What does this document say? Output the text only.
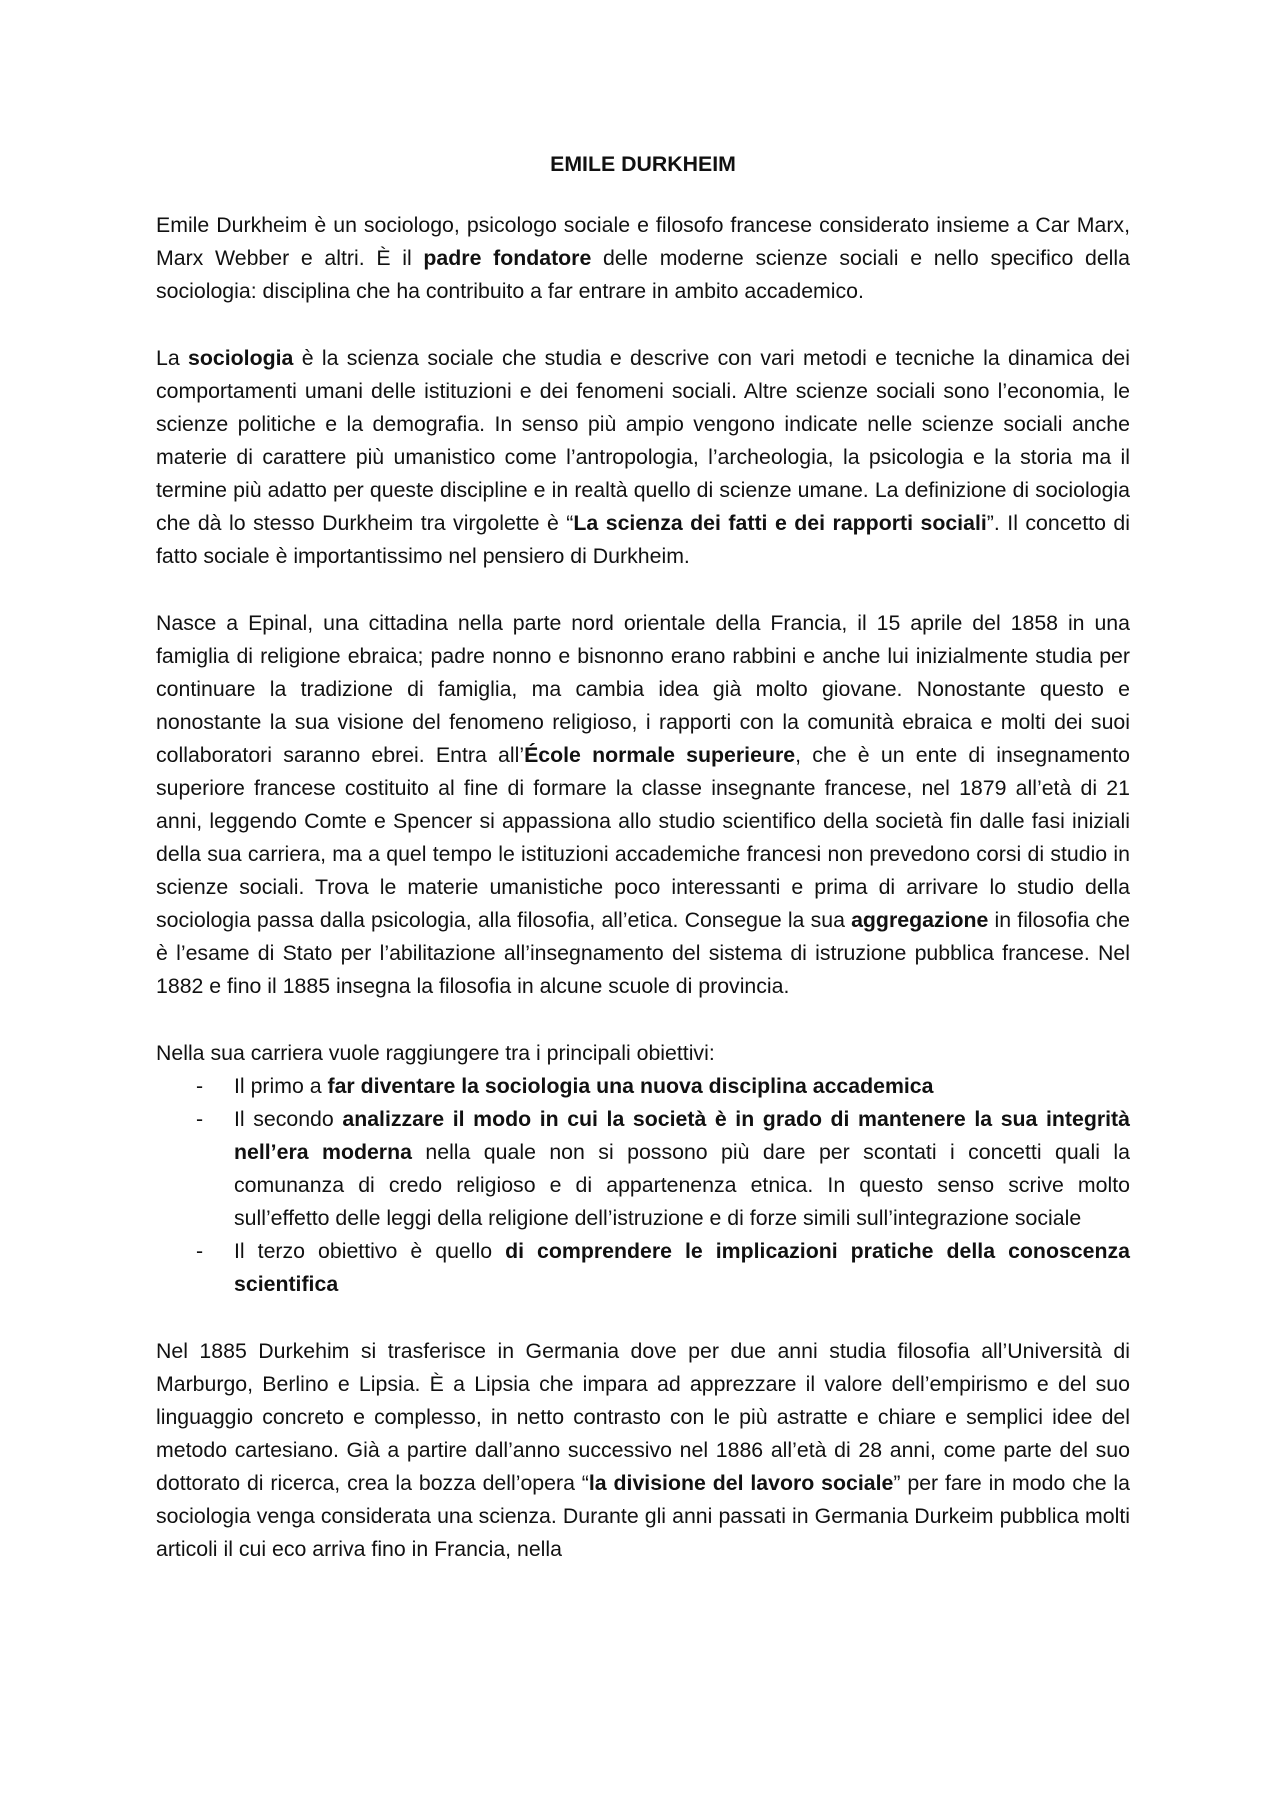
EMILE DURKHEIM

Emile Durkheim è un sociologo, psicologo sociale e filosofo francese considerato insieme a Car Marx, Marx Webber e altri. È il padre fondatore delle moderne scienze sociali e nello specifico della sociologia: disciplina che ha contribuito a far entrare in ambito accademico.

La sociologia è la scienza sociale che studia e descrive con vari metodi e tecniche la dinamica dei comportamenti umani delle istituzioni e dei fenomeni sociali. Altre scienze sociali sono l’economia, le scienze politiche e la demografia. In senso più ampio vengono indicate nelle scienze sociali anche materie di carattere più umanistico come l’antropologia, l’archeologia, la psicologia e la storia ma il termine più adatto per queste discipline e in realtà quello di scienze umane. La definizione di sociologia che dà lo stesso Durkheim tra virgolette è “La scienza dei fatti e dei rapporti sociali”. Il concetto di fatto sociale è importantissimo nel pensiero di Durkheim.

Nasce a Epinal, una cittadina nella parte nord orientale della Francia, il 15 aprile del 1858 in una famiglia di religione ebraica; padre nonno e bisnonno erano rabbini e anche lui inizialmente studia per continuare la tradizione di famiglia, ma cambia idea già molto giovane. Nonostante questo e nonostante la sua visione del fenomeno religioso, i rapporti con la comunità ebraica e molti dei suoi collaboratori saranno ebrei. Entra all’École normale superieure, che è un ente di insegnamento superiore francese costituito al fine di formare la classe insegnante francese, nel 1879 all’età di 21 anni, leggendo Comte e Spencer si appassiona allo studio scientifico della società fin dalle fasi iniziali della sua carriera, ma a quel tempo le istituzioni accademiche francesi non prevedono corsi di studio in scienze sociali. Trova le materie umanistiche poco interessanti e prima di arrivare lo studio della sociologia passa dalla psicologia, alla filosofia, all’etica. Consegue la sua aggregazione in filosofia che è l’esame di Stato per l’abilitazione all’insegnamento del sistema di istruzione pubblica francese. Nel 1882 e fino il 1885 insegna la filosofia in alcune scuole di provincia.

Nella sua carriera vuole raggiungere tra i principali obiettivi:

- Il primo a far diventare la sociologia una nuova disciplina accademica
- Il secondo analizzare il modo in cui la società è in grado di mantenere la sua integrità nell’era moderna nella quale non si possono più dare per scontati i concetti quali la comunanza di credo religioso e di appartenenza etnica. In questo senso scrive molto sull’effetto delle leggi della religione dell’istruzione e di forze simili sull’integrazione sociale
- Il terzo obiettivo è quello di comprendere le implicazioni pratiche della conoscenza scientifica

Nel 1885 Durkehim si trasferisce in Germania dove per due anni studia filosofia all’Università di Marburgo, Berlino e Lipsia. È a Lipsia che impara ad apprezzare il valore dell’empirismo e del suo linguaggio concreto e complesso, in netto contrasto con le più astratte e chiare e semplici idee del metodo cartesiano. Già a partire dall’anno successivo nel 1886 all’età di 28 anni, come parte del suo dottorato di ricerca, crea la bozza dell’opera “la divisione del lavoro sociale” per fare in modo che la sociologia venga considerata una scienza. Durante gli anni passati in Germania Durkeim pubblica molti articoli il cui eco arriva fino in Francia, nella
